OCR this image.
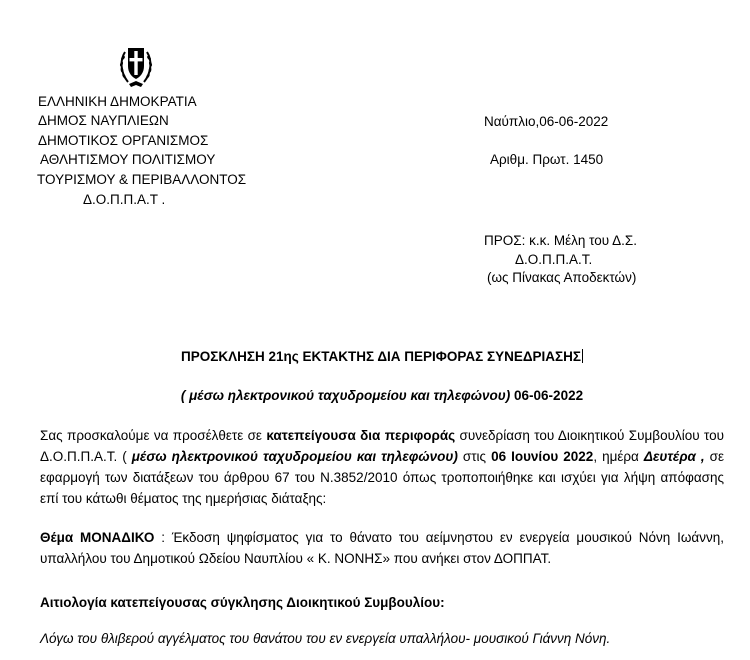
ΕΛΛΗΝΙΚΗ ΔΗΜΟΚΡΑΤΙΑ
ΔΗΜΟΣ ΝΑΥΠΛΙΕΩΝ
ΔΗΜΟΤΙΚΟΣ ΟΡΓΑΝΙΣΜΟΣ
ΑΘΛΗΤΙΣΜΟΥ ΠΟΛΙΤΙΣΜΟΥ
ΤΟΥΡΙΣΜΟΥ & ΠΕΡΙΒΑΛΛΟΝΤΟΣ
Δ.Ο.Π.Π.Α.Τ .
Ναύπλιο,06-06-2022
Αριθμ. Πρωτ. 1450
ΠΡΟΣ: κ.κ. Μέλη του Δ.Σ.
Δ.Ο.Π.Π.Α.Τ.
(ως Πίνακας Αποδεκτών)
ΠΡΟΣΚΛΗΣΗ 21ης ΕΚΤΑΚΤΗΣ ΔΙΑ ΠΕΡΙΦΟΡΑΣ ΣΥΝΕΔΡΙΑΣΗΣ
( μέσω ηλεκτρονικού ταχυδρομείου και τηλεφώνου) 06-06-2022
Σας προσκαλούμε να προσέλθετε σε κατεπείγουσα δια περιφοράς συνεδρίαση του Διοικητικού Συμβουλίου του Δ.Ο.Π.Π.Α.Τ. ( μέσω ηλεκτρονικού ταχυδρομείου και τηλεφώνου) στις 06 Ιουνίου 2022, ημέρα Δευτέρα , σε εφαρμογή των διατάξεων του άρθρου 67 του Ν.3852/2010 όπως τροποποιήθηκε και ισχύει για λήψη απόφασης επί του κάτωθι θέματος της ημερήσιας διάταξης:
Θέμα ΜΟΝΑΔΙΚΟ : Έκδοση ψηφίσματος για το θάνατο του αείμνηστου εν ενεργεία μουσικού Νόνη Ιωάννη, υπαλλήλου του Δημοτικού Ωδείου Ναυπλίου « Κ. ΝΟΝΗΣ» που ανήκει στον ΔΟΠΠΑΤ.
Αιτιολογία κατεπείγουσας σύγκλησης Διοικητικού Συμβουλίου:
Λόγω του θλιβερού αγγέλματος του θανάτου του εν ενεργεία υπαλλήλου- μουσικού Γιάννη Νόνη.
